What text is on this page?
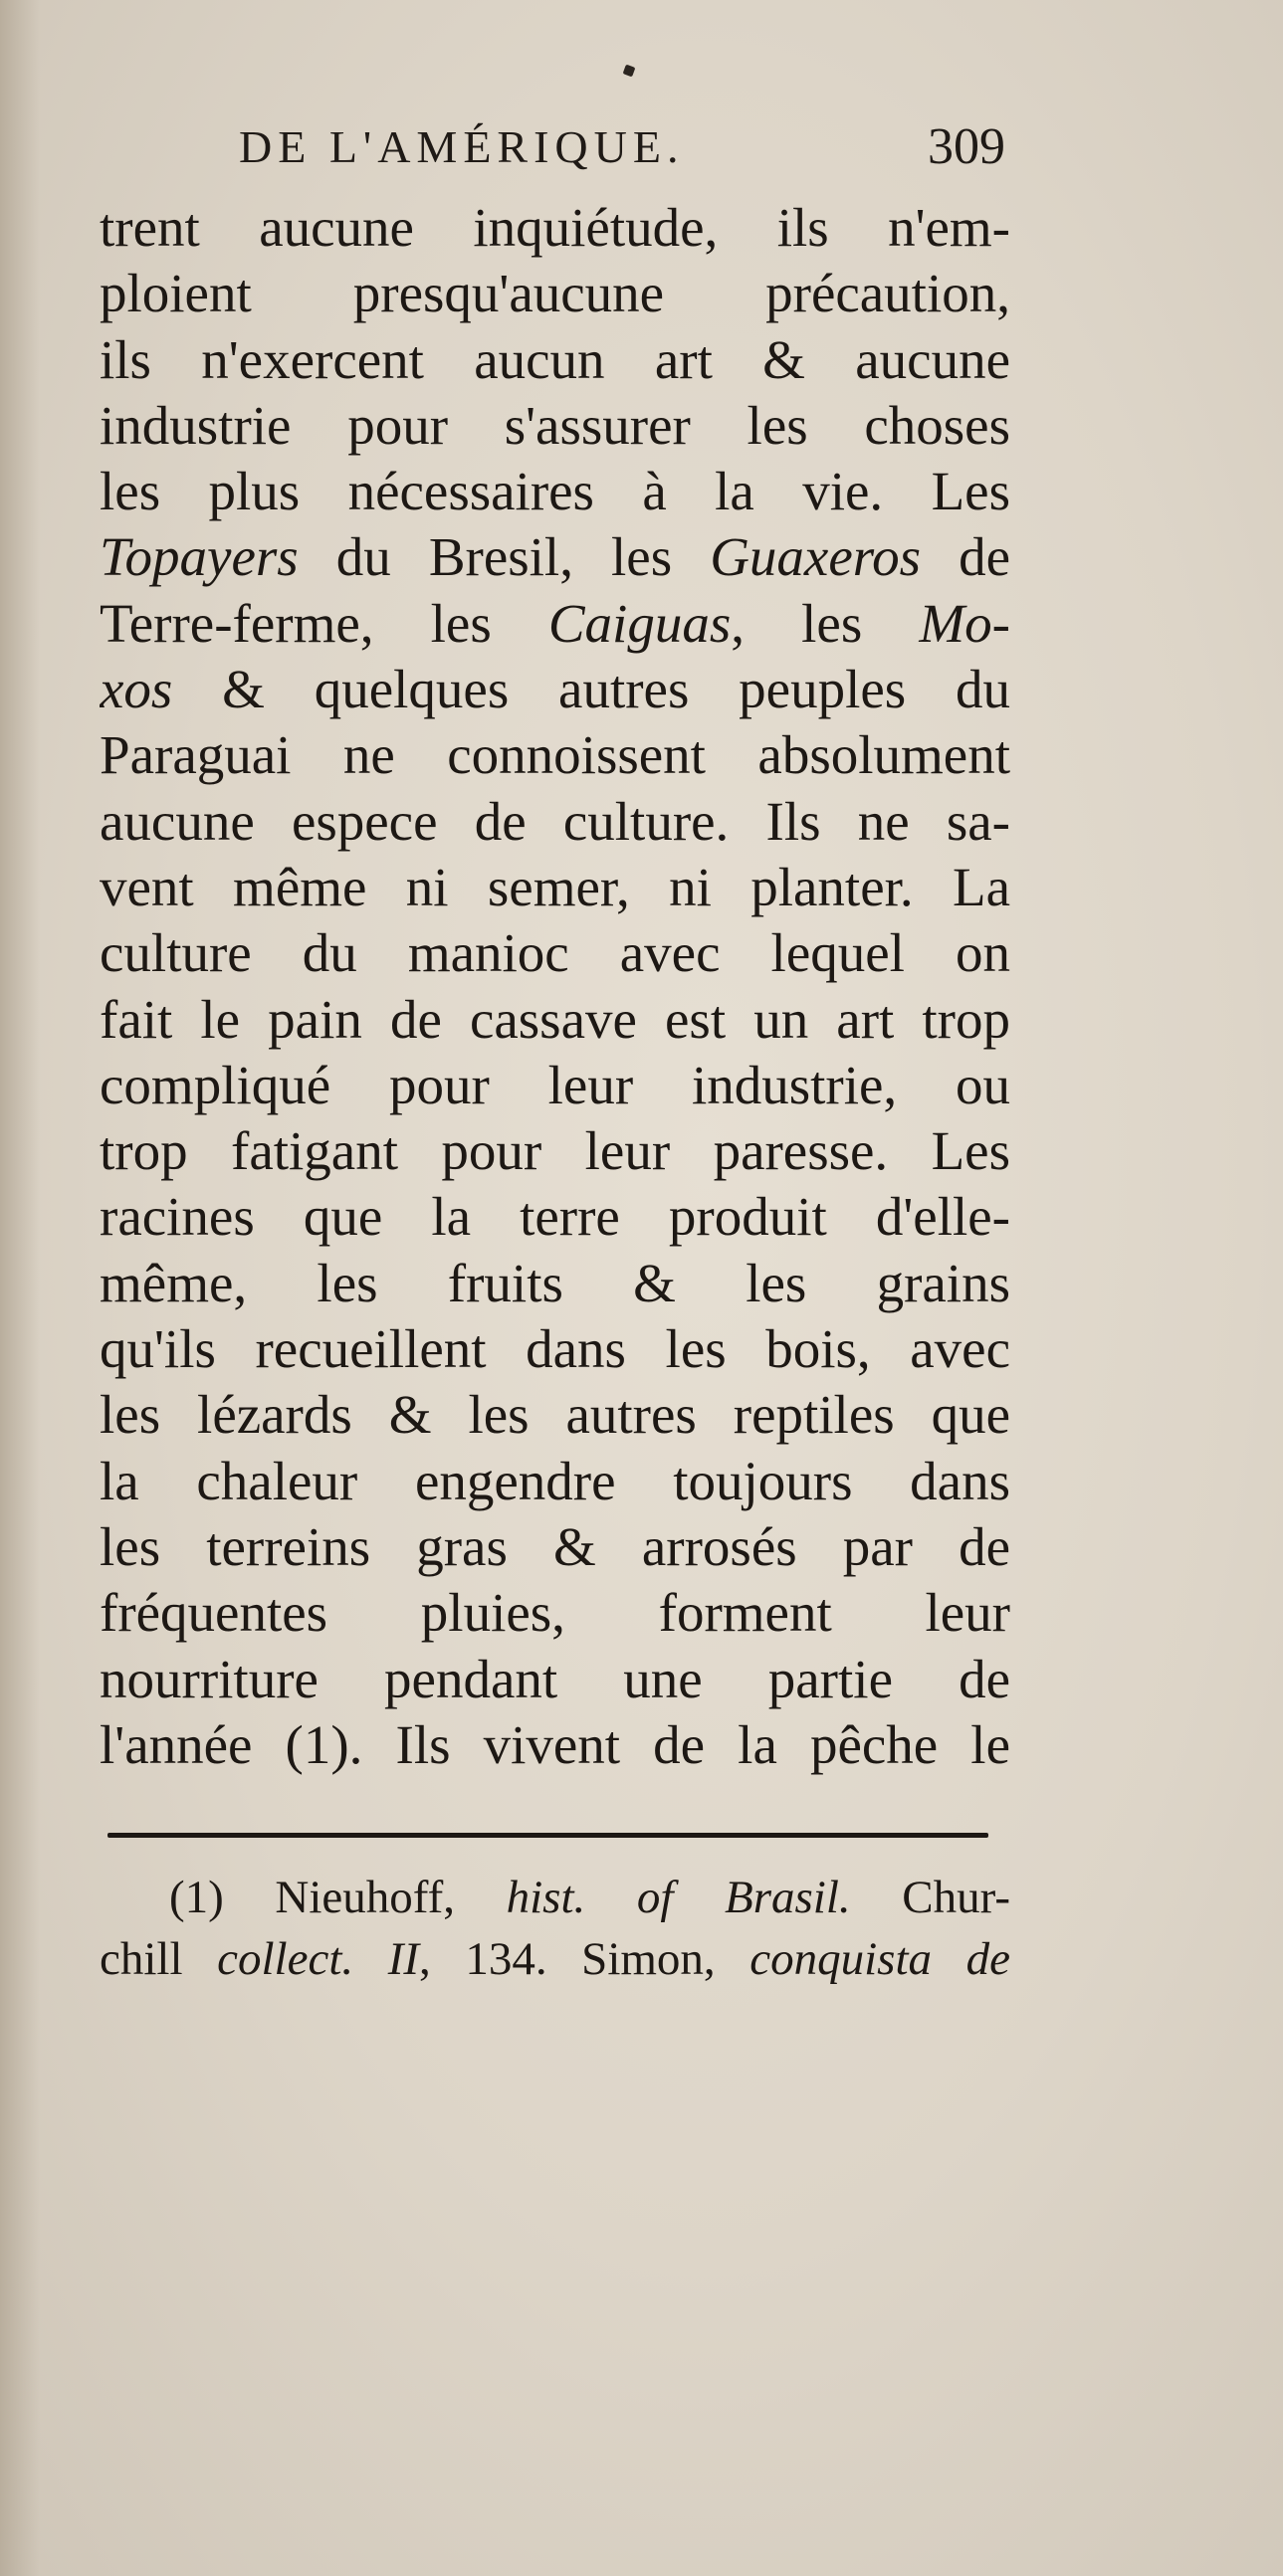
DE L'AMÉRIQUE.	309
trent aucune inquiétude, ils n'em-
ploient presqu'aucune précaution,
ils n'exercent aucun art & aucune
industrie pour s'assurer les choses
les plus nécessaires à la vie. Les
Topayers du Bresil, les Guaxeros de
Terre-ferme, les Caiguas, les Mo-
xos & quelques autres peuples du
Paraguai ne connoissent absolument
aucune espece de culture. Ils ne sa-
vent même ni semer, ni planter. La
culture du manioc avec lequel on
fait le pain de cassave est un art trop
compliqué pour leur industrie, ou
trop fatigant pour leur paresse. Les
racines que la terre produit d'elle-
même, les fruits & les grains
qu'ils recueillent dans les bois, avec
les lézards & les autres reptiles que
la chaleur engendre toujours dans
les terreins gras & arrosés par de
fréquentes pluies, forment leur
nourriture pendant une partie de
l'année (1). Ils vivent de la pêche le
(1) Nieuhoff, hist. of Brasil. Chur-
chill collect. II, 134. Simon, conquista de
